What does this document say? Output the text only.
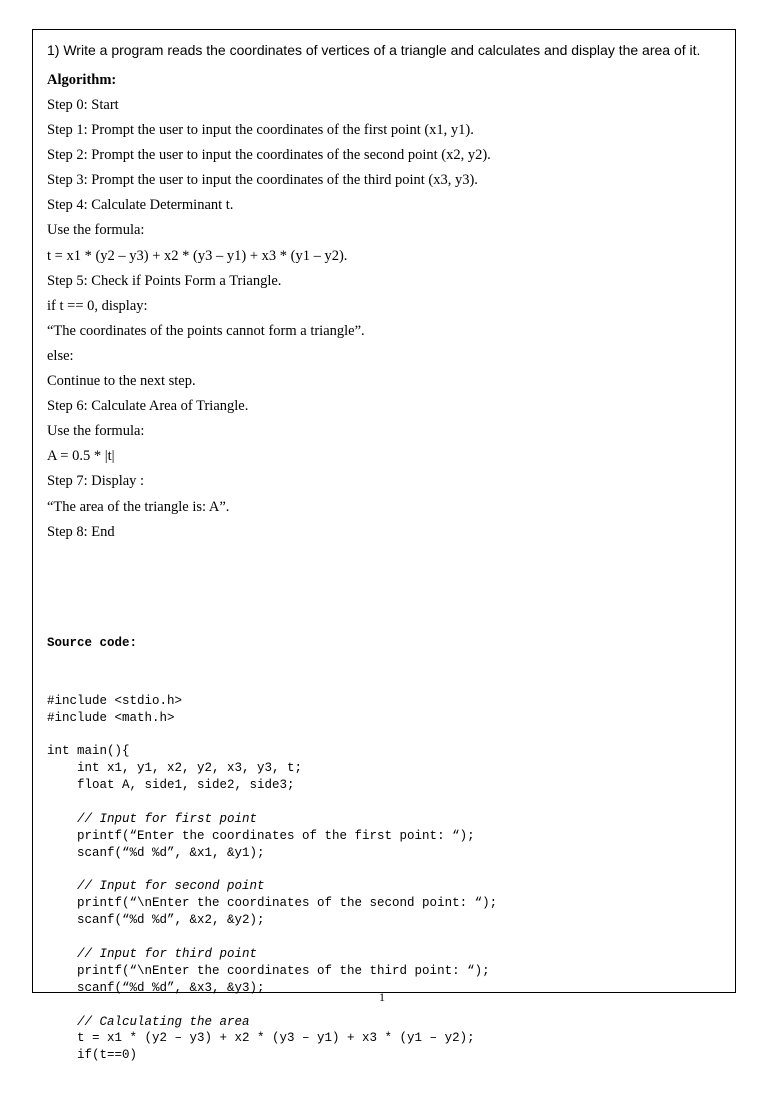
1) Write a program reads the coordinates of vertices of a triangle and calculates and display the area of it.
Algorithm:
Step 0: Start
Step 1: Prompt the user to input the coordinates of the first point (x1, y1).
Step 2: Prompt the user to input the coordinates of the second point (x2, y2).
Step 3: Prompt the user to input the coordinates of the third point (x3, y3).
Step 4: Calculate Determinant t.
Use the formula:
t = x1 * (y2 – y3) + x2 * (y3 – y1) + x3 * (y1 – y2).
Step 5: Check if Points Form a Triangle.
if t == 0, display:
“The coordinates of the points cannot form a triangle”.
else:
Continue to the next step.
Step 6: Calculate Area of Triangle.
Use the formula:
A = 0.5 * |t|
Step 7: Display :
“The area of the triangle is: A”.
Step 8: End

Source code:

#include <stdio.h>
#include <math.h>
int main(){
int x1, y1, x2, y2, x3, y3, t;
float A, side1, side2, side3;
// Input for first point
printf(“Enter the coordinates of the first point: “);
scanf(“%d %d”, &x1, &y1);
// Input for second point
printf(“\nEnter the coordinates of the second point: “);
scanf(“%d %d”, &x2, &y2);
// Input for third point
printf(“\nEnter the coordinates of the third point: “);
scanf(“%d %d”, &x3, &y3);
// Calculating the area
t = x1 * (y2 – y3) + x2 * (y3 – y1) + x3 * (y1 – y2);
if(t==0)

1
